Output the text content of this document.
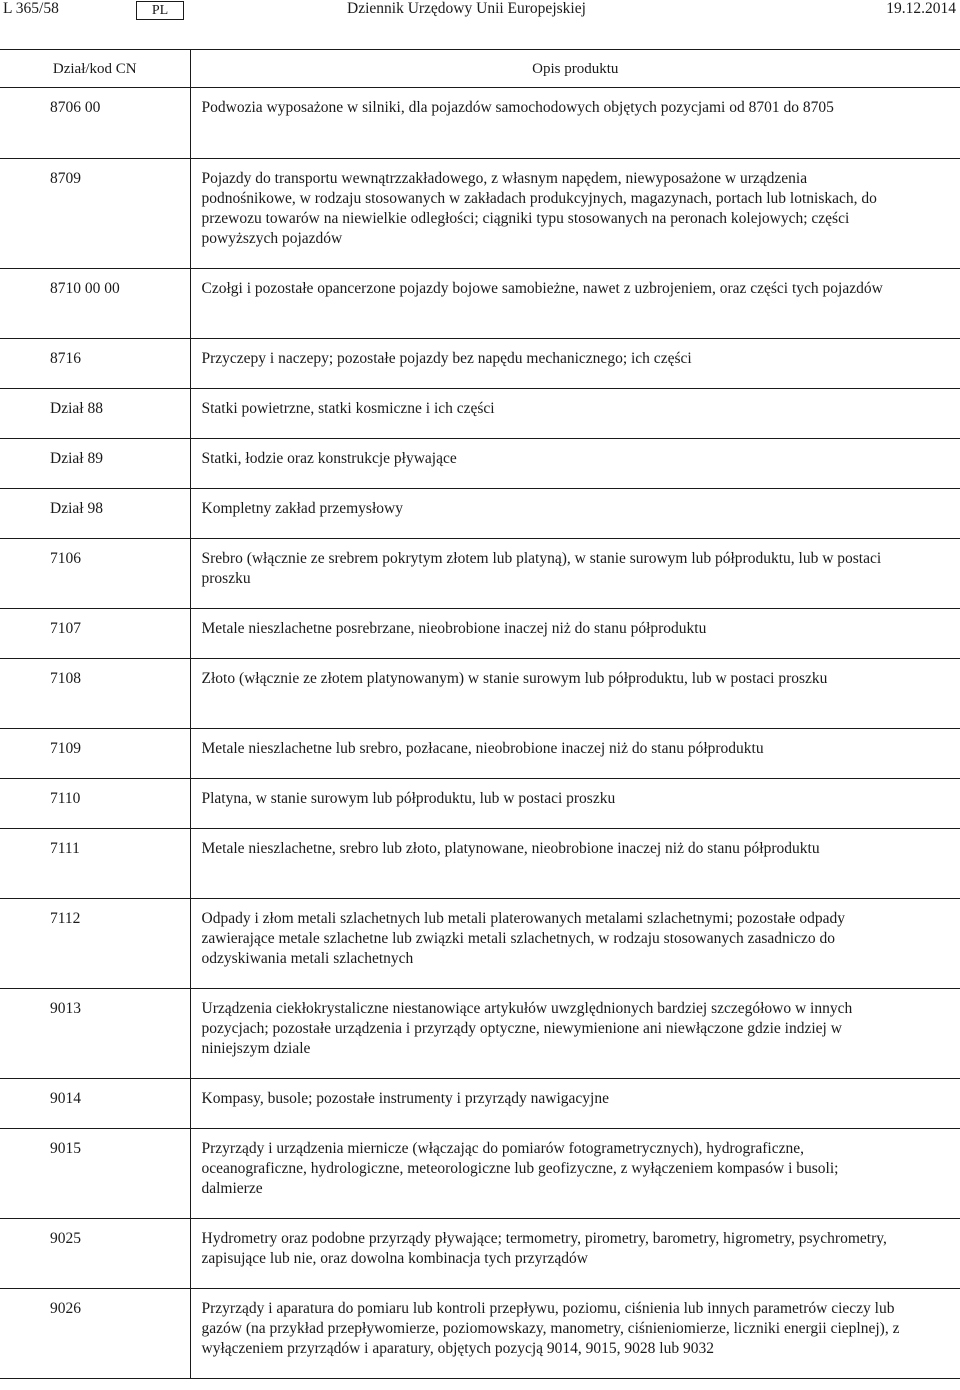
L 365/58	PL	Dziennik Urzędowy Unii Europejskiej	19.12.2014
Dział/kod CN	Opis produktu

8706 00	Podwozia wyposażone w silniki, dla pojazdów samochodowych objętych pozycjami od 8701 do 8705

8709	Pojazdy do transportu wewnątrzzakładowego, z własnym napędem, niewyposażone w urządzenia podnośnikowe, w rodzaju stosowanych w zakładach produkcyjnych, magazynach, portach lub lotniskach, do przewozu towarów na niewielkie odległości; ciągniki typu stosowanych na peronach kolejowych; części powyższych pojazdów

8710 00 00	Czołgi i pozostałe opancerzone pojazdy bojowe samobieżne, nawet z uzbrojeniem, oraz części tych pojazdów

8716	Przyczepy i naczepy; pozostałe pojazdy bez napędu mechanicznego; ich części

Dział 88	Statki powietrzne, statki kosmiczne i ich części

Dział 89	Statki, łodzie oraz konstrukcje pływające

Dział 98	Kompletny zakład przemysłowy

7106	Srebro (włącznie ze srebrem pokrytym złotem lub platyną), w stanie surowym lub półproduktu, lub w postaci proszku

7107	Metale nieszlachetne posrebrzane, nieobrobione inaczej niż do stanu półproduktu

7108	Złoto (włącznie ze złotem platynowanym) w stanie surowym lub półproduktu, lub w postaci proszku

7109	Metale nieszlachetne lub srebro, pozłacane, nieobrobione inaczej niż do stanu półproduktu

7110	Platyna, w stanie surowym lub półproduktu, lub w postaci proszku

7111	Metale nieszlachetne, srebro lub złoto, platynowane, nieobrobione inaczej niż do stanu półproduktu

7112	Odpady i złom metali szlachetnych lub metali platerowanych metalami szlachetnymi; pozostałe odpady zawierające metale szlachetne lub związki metali szlachetnych, w rodzaju stosowanych zasadniczo do odzyskiwania metali szlachetnych

9013	Urządzenia ciekłokrystaliczne niestanowiące artykułów uwzględnionych bardziej szczegółowo w innych pozycjach; pozostałe urządzenia i przyrządy optyczne, niewymienione ani niewłączone gdzie indziej w niniejszym dziale

9014	Kompasy, busole; pozostałe instrumenty i przyrządy nawigacyjne

9015	Przyrządy i urządzenia miernicze (włączając do pomiarów fotogrametrycznych), hydrograficzne, oceanograficzne, hydrologiczne, meteorologiczne lub geofizyczne, z wyłączeniem kompasów i busoli; dalmierze

9025	Hydrometry oraz podobne przyrządy pływające; termometry, pirometry, barometry, higrometry, psychrometry, zapisujące lub nie, oraz dowolna kombinacja tych przyrządów

9026	Przyrządy i aparatura do pomiaru lub kontroli przepływu, poziomu, ciśnienia lub innych parametrów cieczy lub gazów (na przykład przepływomierze, poziomowskazy, manometry, ciśnieniomierze, liczniki energii cieplnej), z wyłączeniem przyrządów i aparatury, objętych pozycją 9014, 9015, 9028 lub 9032
